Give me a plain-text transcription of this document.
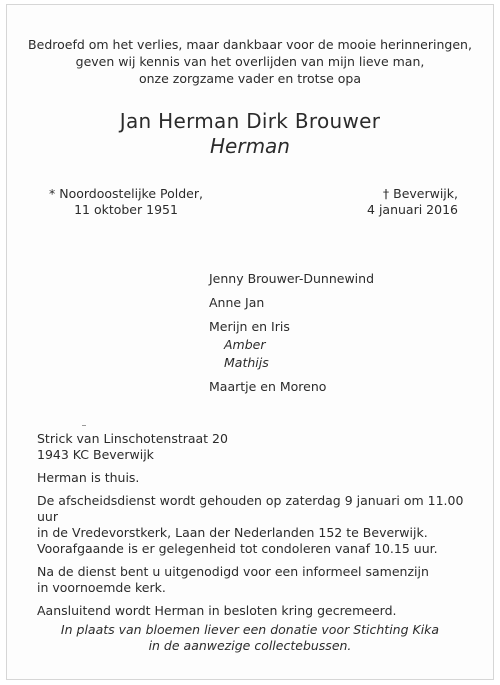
Bedroefd om het verlies, maar dankbaar voor de mooie herinneringen,
geven wij kennis van het overlijden van mijn lieve man,
onze zorgzame vader en trotse opa
Jan Herman Dirk Brouwer
Herman
* Noordoostelijke Polder,
11 oktober 1951
† Beverwijk,
4 januari 2016
Jenny Brouwer-Dunnewind
Anne Jan
Merijn en Iris
Amber
Mathijs
Maartje en Moreno

Strick van Linschotenstraat 20

1943 KC Beverwijk

Herman is thuis.

De afscheidsdienst wordt gehouden op zaterdag 9 januari om 11.00 uur

in de Vredevorstkerk, Laan der Nederlanden 152 te Beverwijk.

Voorafgaande is er gelegenheid tot condoleren vanaf 10.15 uur.

Na de dienst bent u uitgenodigd voor een informeel samenzijn

in voornoemde kerk.

Aansluitend wordt Herman in besloten kring gecremeerd.

In plaats van bloemen liever een donatie voor Stichting Kika
in de aanwezige collectebussen.
